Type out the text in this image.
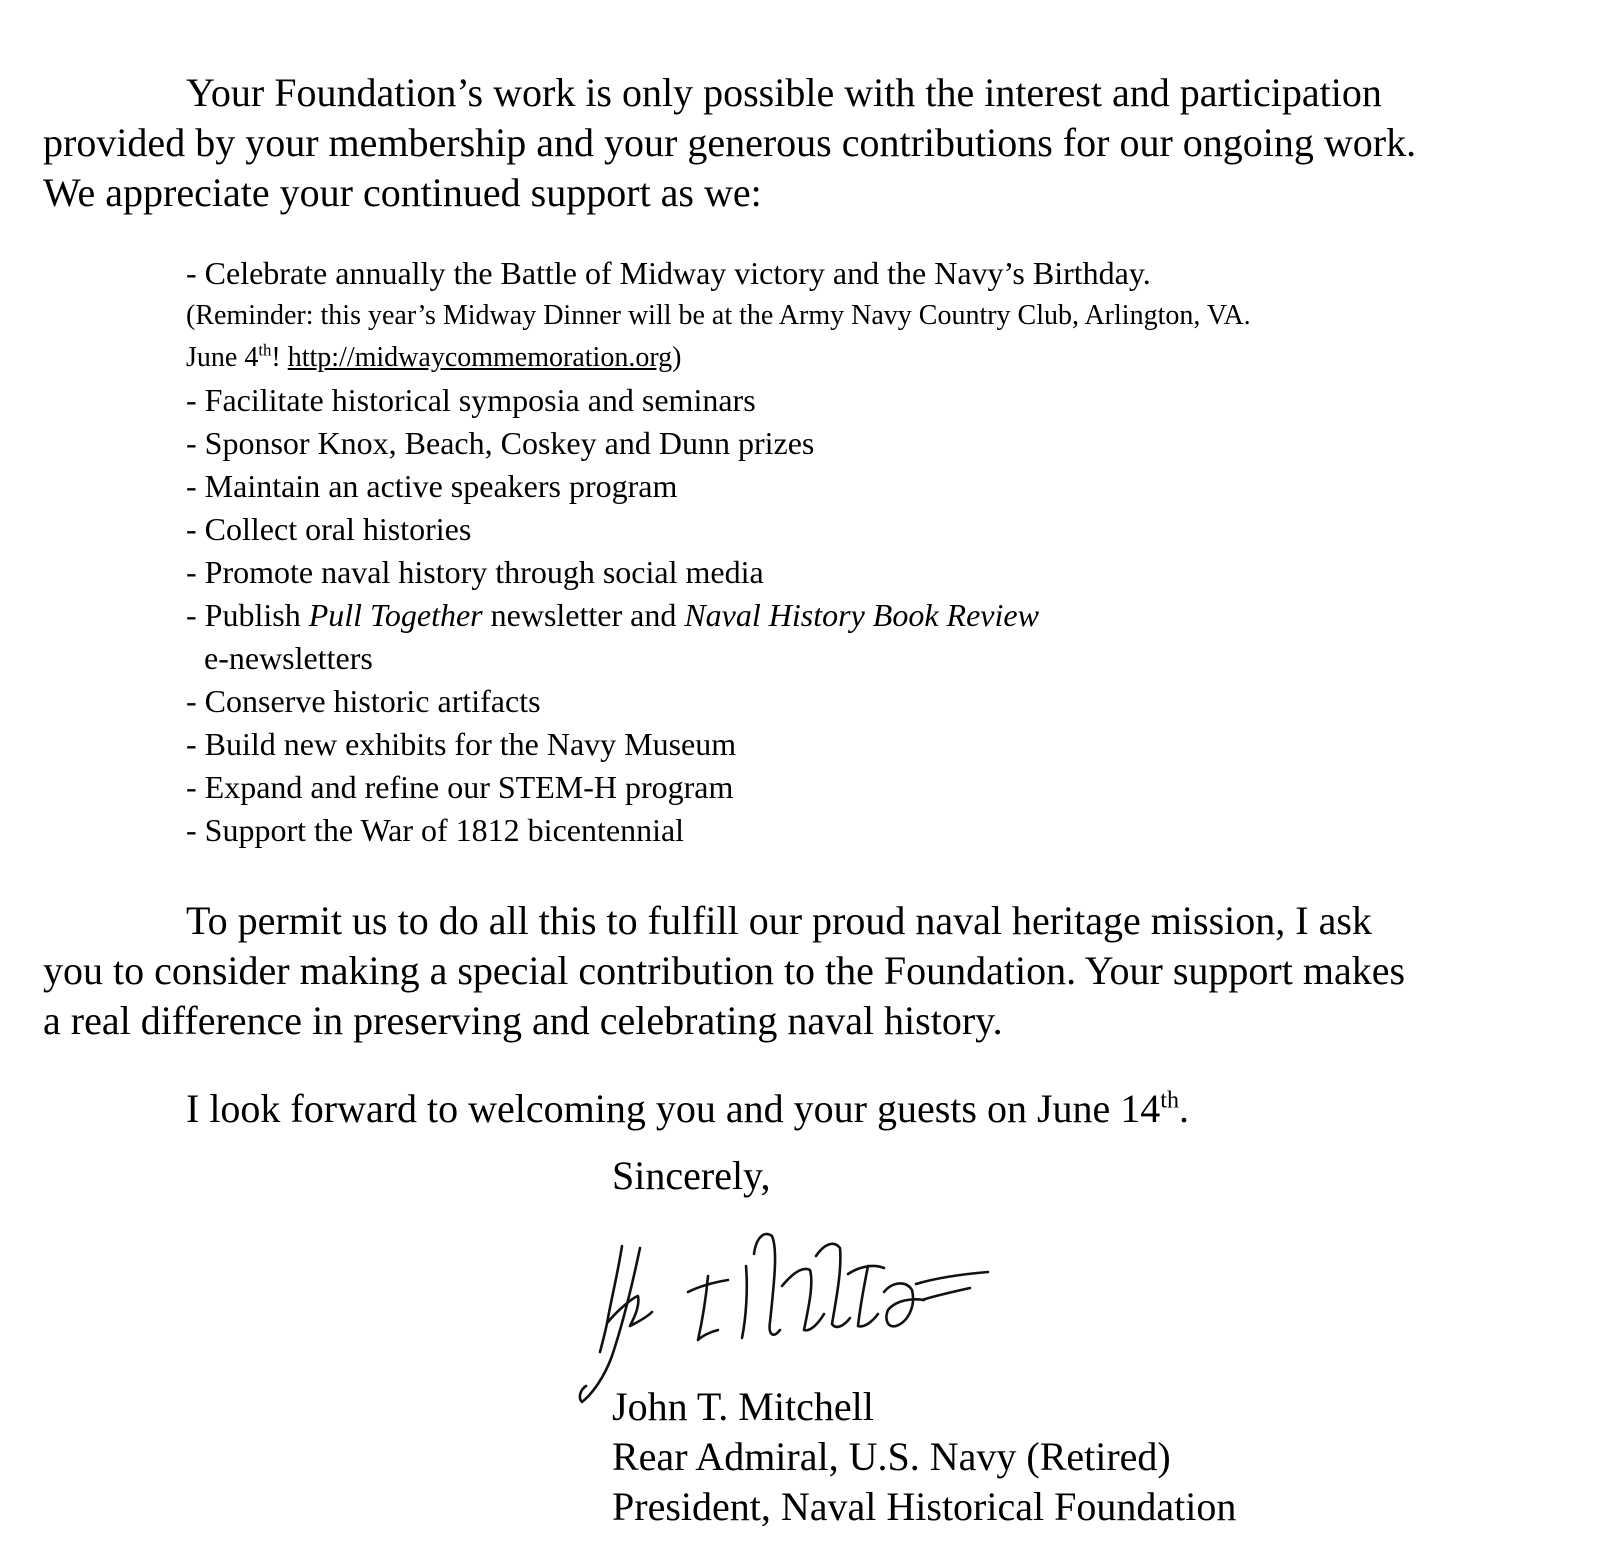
Your Foundation’s work is only possible with the interest and participation
provided by your membership and your generous contributions for our ongoing work.
We appreciate your continued support as we:

- Celebrate annually the Battle of Midway victory and the Navy’s Birthday.
(Reminder: this year’s Midway Dinner will be at the Army Navy Country Club, Arlington, VA.
June 4th! http://midwaycommemoration.org)
- Facilitate historical symposia and seminars
- Sponsor Knox, Beach, Coskey and Dunn prizes
- Maintain an active speakers program
- Collect oral histories
- Promote naval history through social media
- Publish Pull Together newsletter and Naval History Book Review
e-newsletters
- Conserve historic artifacts
- Build new exhibits for the Navy Museum
- Expand and refine our STEM-H program
- Support the War of 1812 bicentennial

To permit us to do all this to fulfill our proud naval heritage mission, I ask
you to consider making a special contribution to the Foundation. Your support makes
a real difference in preserving and celebrating naval history.

I look forward to welcoming you and your guests on June 14th.

Sincerely,

John T. Mitchell
Rear Admiral, U.S. Navy (Retired)
President, Naval Historical Foundation
